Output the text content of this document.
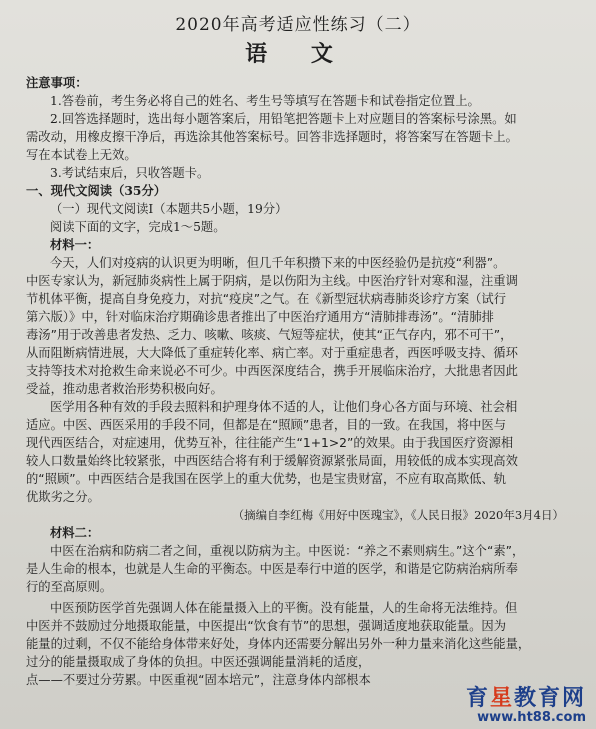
2020年高考适应性练习（二）
语 文
注意事项：
1.答卷前，考生务必将自己的姓名、考生号等填写在答题卡和试卷指定位置上。
2.回答选择题时，选出每小题答案后，用铅笔把答题卡上对应题目的答案标号涂黑。如
需改动，用橡皮擦干净后，再选涂其他答案标号。回答非选择题时，将答案写在答题卡上。
写在本试卷上无效。
3.考试结束后，只收答题卡。
一、现代文阅读（35分）
（一）现代文阅读Ⅰ（本题共5小题，19分）
阅读下面的文字，完成1～5题。
材料一：
今天，人们对疫病的认识更为明晰，但几千年积攒下来的中医经验仍是抗疫“利器”。
中医专家认为，新冠肺炎病性上属于阴病，是以伤阳为主线。中医治疗针对寒和湿，注重调
节机体平衡，提高自身免疫力，对抗“疫戾”之气。在《新型冠状病毒肺炎诊疗方案（试行
第六版）》中，针对临床治疗期确诊患者推出了中医治疗通用方“清肺排毒汤”。“清肺排
毒汤”用于改善患者发热、乏力、咳嗽、咳痰、气短等症状，使其“正气存内，邪不可干”，
从而阻断病情进展，大大降低了重症转化率、病亡率。对于重症患者，西医呼吸支持、循环
支持等技术对抢救生命来说必不可少。中西医深度结合，携手开展临床治疗，大批患者因此
受益，推动患者救治形势积极向好。
医学用各种有效的手段去照料和护理身体不适的人，让他们身心各方面与环境、社会相
适应。中医、西医采用的手段不同，但都是在“照顾”患者，目的一致。在我国，将中医与
现代西医结合，对症速用，优势互补，往往能产生“1+1>2”的效果。由于我国医疗资源相
较人口数量始终比较紧张，中西医结合将有利于缓解资源紧张局面，用较低的成本实现高效
的“照顾”。中西医结合是我国在医学上的重大优势，也是宝贵财富，不应有取高欺低、轨
优欺劣之分。
（摘编自李红梅《用好中医瑰宝》，《人民日报》2020年3月4日）
材料二：
中医在治病和防病二者之间，重视以防病为主。中医说：“养之不素则病生。”这个“素”，
是人生命的根本，也就是人生命的平衡态。中医是奉行中道的医学，和谐是它防病治病所奉
行的至高原则。
中医预防医学首先强调人体在能量摄入上的平衡。没有能量，人的生命将无法维持。但
中医并不鼓励过分地摄取能量，中医提出“饮食有节”的思想，强调适度地获取能量。因为
能量的过剩，不仅不能给身体带来好处，身体内还需要分解出另外一种力量来消化这些能量，
过分的能量摄取成了身体的负担。中医还强调能量消耗的适度，
点——不要过分劳累。中医重视“固本培元”，注意身体内部根本
育星教育网
www.ht88.com
